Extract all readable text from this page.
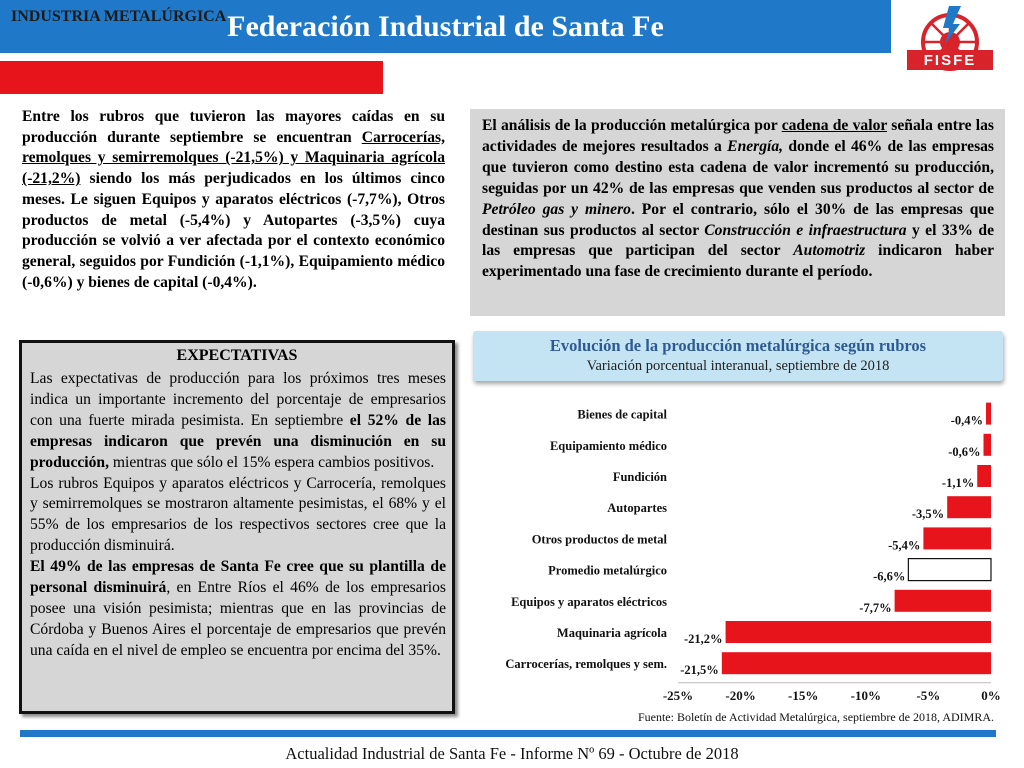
Federación Industrial de Santa Fe
FISFE
INDUSTRIA METALÚRGICA
Entre los rubros que tuvieron las mayores caídas en su producción durante septiembre se encuentran Carrocerías, remolques y semirremolques (-21,5%) y Maquinaria agrícola (-21,2%) siendo los más perjudicados en los últimos cinco meses. Le siguen Equipos y aparatos eléctricos (-7,7%), Otros productos de metal (-5,4%) y Autopartes (-3,5%) cuya producción se volvió a ver afectada por el contexto económico general, seguidos por Fundición (-1,1%), Equipamiento médico (-0,6%) y bienes de capital (-0,4%).
El análisis de la producción metalúrgica por cadena de valor señala entre las actividades de mejores resultados a Energía, donde el 46% de las empresas que tuvieron como destino esta cadena de valor incrementó su producción, seguidas por un 42% de las empresas que venden sus productos al sector de Petróleo gas y minero. Por el contrario, sólo el 30% de las empresas que destinan sus productos al sector Construcción e infraestructura y el 33% de las empresas que participan del sector Automotriz indicaron haber experimentado una fase de crecimiento durante el período.
EXPECTATIVAS
Las expectativas de producción para los próximos tres meses indica un importante incremento del porcentaje de empresarios con una fuerte mirada pesimista. En septiembre el 52% de las empresas indicaron que prevén una disminución en su producción, mientras que sólo el 15% espera cambios positivos.
Los rubros Equipos y aparatos eléctricos y Carrocería, remolques y semirremolques se mostraron altamente pesimistas, el 68% y el 55% de los empresarios de los respectivos sectores cree que la producción disminuirá.
El 49% de las empresas de Santa Fe cree que su plantilla de personal disminuirá, en Entre Ríos el 46% de los empresarios posee una visión pesimista; mientras que en las provincias de Córdoba y Buenos Aires el porcentaje de empresarios que prevén una caída en el nivel de empleo se encuentra por encima del 35%.
Evolución de la producción metalúrgica según rubros
Variación porcentual interanual, septiembre de 2018
Bienes de capital	-0,4%
Equipamiento médico	-0,6%
Fundición	-1,1%
Autopartes	-3,5%
Otros productos de metal	-5,4%
Promedio metalúrgico	-6,6%
Equipos y aparatos eléctricos	-7,7%
Maquinaria agrícola -21,2%
Carrocerías, remolques y sem. -21,5%
-25% -20% -15% -10%	-5%	0%
Fuente: Boletín de Actividad Metalúrgica, septiembre de 2018, ADIMRA.
Actualidad Industrial de Santa Fe - Informe Nº 69 - Octubre de 2018
